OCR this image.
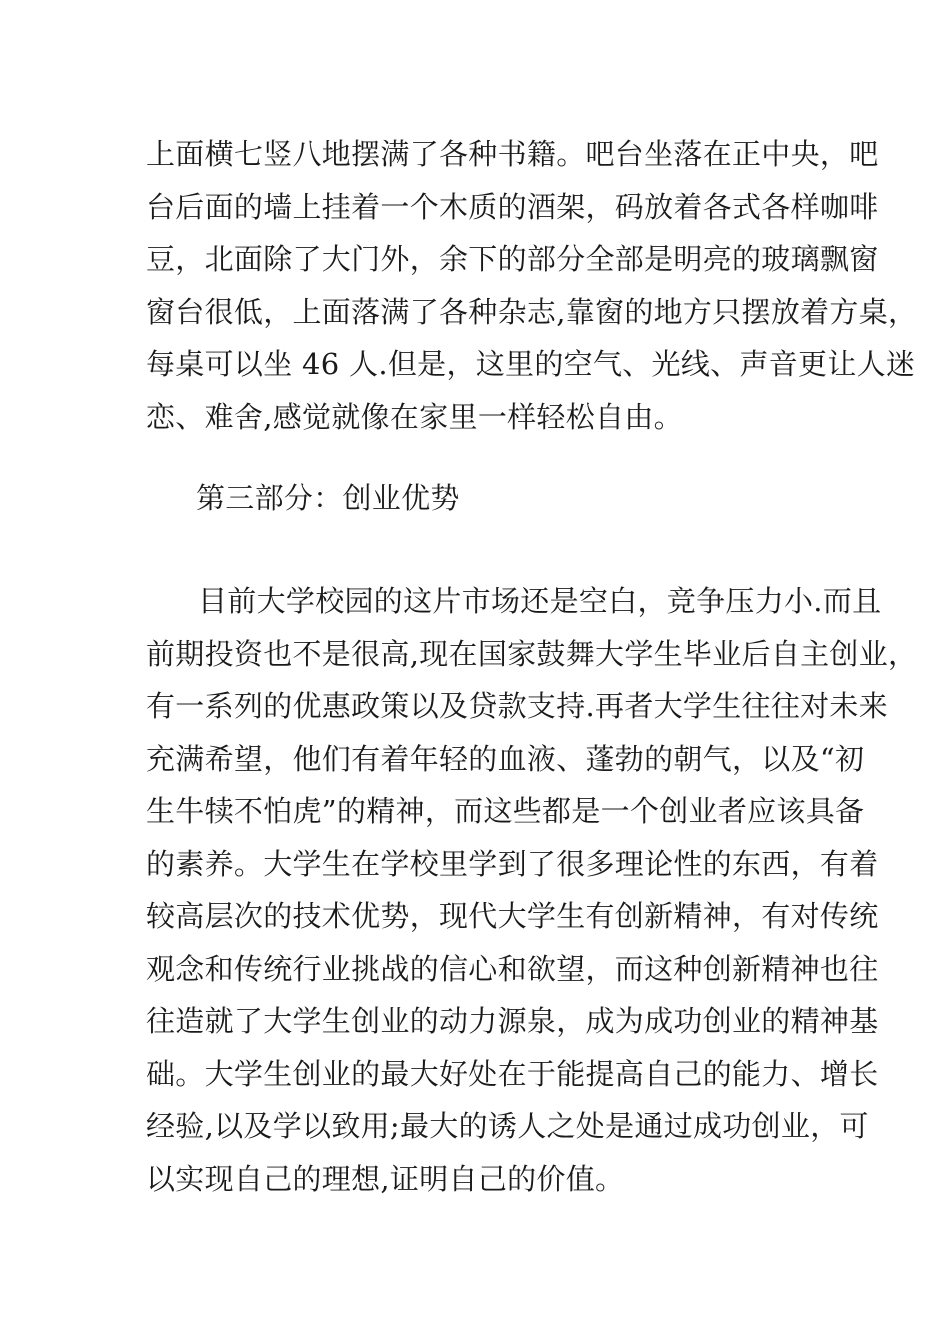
上面横七竖八地摆满了各种书籍。吧台坐落在正中央，吧
台后面的墙上挂着一个木质的酒架，码放着各式各样咖啡
豆，北面除了大门外，余下的部分全部是明亮的玻璃飘窗
窗台很低，上面落满了各种杂志,靠窗的地方只摆放着方桌，
每桌可以坐 46 人.但是，这里的空气、光线、声音更让人迷
恋、难舍,感觉就像在家里一样轻松自由。
第三部分：创业优势
目前大学校园的这片市场还是空白，竞争压力小.而且
前期投资也不是很高,现在国家鼓舞大学生毕业后自主创业，
有一系列的优惠政策以及贷款支持.再者大学生往往对未来
充满希望，他们有着年轻的血液、蓬勃的朝气，以及“初
生牛犊不怕虎”的精神，而这些都是一个创业者应该具备
的素养。大学生在学校里学到了很多理论性的东西，有着
较高层次的技术优势，现代大学生有创新精神，有对传统
观念和传统行业挑战的信心和欲望，而这种创新精神也往
往造就了大学生创业的动力源泉，成为成功创业的精神基
础。大学生创业的最大好处在于能提高自己的能力、增长
经验,以及学以致用;最大的诱人之处是通过成功创业，可
以实现自己的理想,证明自己的价值。
